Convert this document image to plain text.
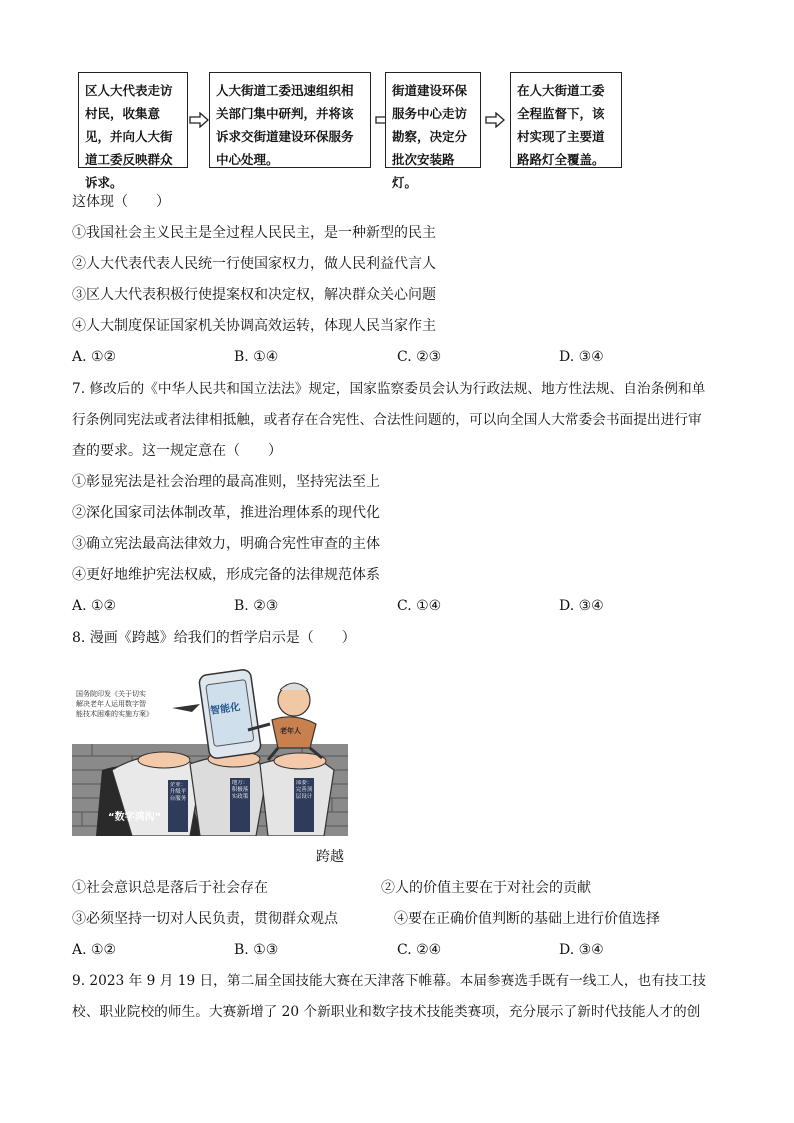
区人大代表走访村民，收集意见，并向人大街道工委反映群众诉求。
人大街道工委迅速组织相关部门集中研判，并将该诉求交街道建设环保服务中心处理。
街道建设环保服务中心走访勘察，决定分批次安装路灯。
在人大街道工委全程监督下，该村实现了主要道路路灯全覆盖。
这体现（　　）
①我国社会主义民主是全过程人民民主，是一种新型的民主
②人大代表代表人民统一行使国家权力，做人民利益代言人
③区人大代表积极行使提案权和决定权，解决群众关心问题
④人大制度保证国家机关协调高效运转，体现人民当家作主
A. ①②	B. ①④	C. ②③	D. ③④
7. 修改后的《中华人民共和国立法法》规定，国家监察委员会认为行政法规、地方性法规、自治条例和单
行条例同宪法或者法律相抵触，或者存在合宪性、合法性问题的，可以向全国人大常委会书面提出进行审
查的要求。这一规定意在（　　）
①彰显宪法是社会治理的最高准则，坚持宪法至上
②深化国家司法体制改革，推进治理体系的现代化
③确立宪法最高法律效力，明确合宪性审查的主体
④更好地维护宪法权威，形成完备的法律规范体系
A. ①②	B. ②③	C. ①④	D. ③④
8. 漫画《跨越》给我们的哲学启示是（　　）
国务院印发《关于切实
解决老年人运用数字智
能技术困难的实施方案》	智能化
老年人
“数字鸿沟”
企业：升级平台服务
地方：积极落实政策
部委：完善顶层设计
跨越
①社会意识总是落后于社会存在	②人的价值主要在于对社会的贡献
③必须坚持一切对人民负责，贯彻群众观点	④要在正确价值判断的基础上进行价值选择
A. ①②	B. ①③	C. ②④	D. ③④
9. 2023 年 9 月 19 日，第二届全国技能大赛在天津落下帷幕。本届参赛选手既有一线工人，也有技工技
校、职业院校的师生。大赛新增了 20 个新职业和数字技术技能类赛项，充分展示了新时代技能人才的创
